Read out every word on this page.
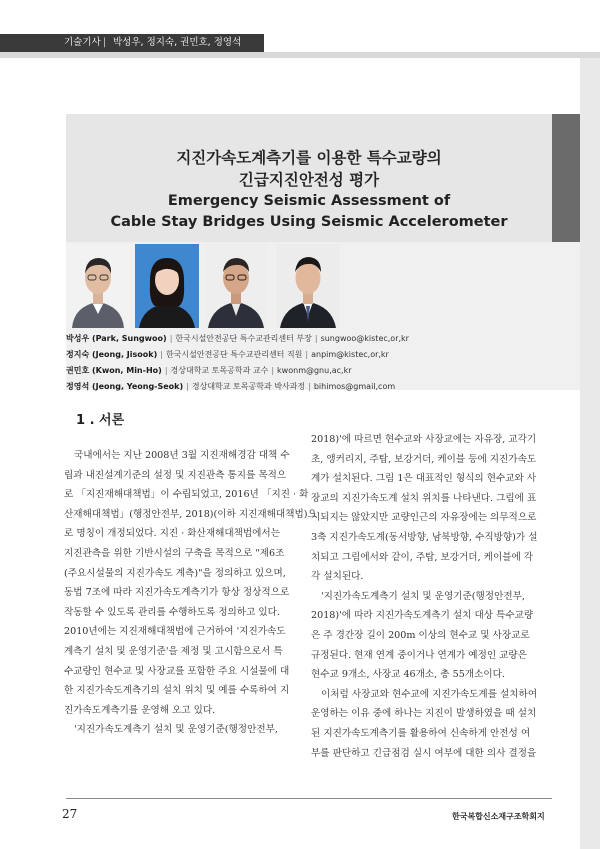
기술기사 | 박성우, 정지숙, 권민호, 정영석
지진가속도계측기를 이용한 특수교량의
긴급지진안전성 평가
Emergency Seismic Assessment of
Cable Stay Bridges Using Seismic Accelerometer
박성우 (Park, Sungwoo) | 한국시설안전공단 특수교관리센터 부장 | sungwoo@kistec,or,kr
정지숙 (Jeong, Jisook) | 한국시설안전공단 특수교관리센터 직원 | anpim@kistec,or,kr
권민호 (Kwon, Min-Ho) | 경상대학교 토목공학과 교수 | kwonm@gnu,ac,kr
정영석 (Jeong, Yeong-Seok) | 경상대학교 토목공학과 박사과정 | bihimos@gmail,com
1 . 서론
국내에서는 지난 2008년 3월 지진재해경감 대책 수
립과 내진설계기준의 설정 및 지진관측 통지를 목적으
로 「지진재해대책법」이 수립되었고, 2016년 「지진 · 화
산재해대책법」(행정안전부, 2018)(이하 지진재해대책법)으
로 명칭이 개정되었다. 지진 · 화산재해대책법에서는
지진관측을 위한 기반시설의 구축을 목적으로 "제6조
(주요시설물의 지진가속도 계측)"을 정의하고 있으며,
동법 7조에 따라 지진가속도계측기가 항상 정상적으로
작동할 수 있도록 관리를 수행하도록 정의하고 있다.
2010년에는 지진재해대책법에 근거하여 '지진가속도
계측기 설치 및 운영기준'을 제정 및 고시함으로서 특
수교량인 현수교 및 사장교를 포함한 주요 시설물에 대
한 지진가속도계측기의 설치 위치 및 예를 수록하여 지
진가속도계측기를 운영해 오고 있다.
'지진가속도계측기 설치 및 운영기준(행정안전부,
2018)'에 따르면 현수교와 사장교에는 자유장, 교각기
초, 앵커리지, 주탑, 보강거더, 케이블 등에 지진가속도
계가 설치된다. 그림 1은 대표적인 형식의 현수교와 사
장교의 지진가속도계 설치 위치를 나타낸다. 그림에 표
시되지는 않았지만 교량인근의 자유장에는 의무적으로
3축 지진가속도계(동서방향, 남북방향, 수직방향)가 설
치되고 그림에서와 같이, 주탑, 보강거더, 케이블에 각
각 설치된다.
'지진가속도계측기 설치 및 운영기준(행정안전부,
2018)'에 따라 지진가속도계측기 설치 대상 특수교량
은 주 경간장 길이 200m 이상의 현수교 및 사장교로
규정된다. 현재 연계 중이거나 연계가 예정인 교량은
현수교 9개소, 사장교 46개소, 총 55개소이다.
이처럼 사장교와 현수교에 지진가속도계를 설치하여
운영하는 이유 중에 하나는 지진이 발생하였을 때 설치
된 지진가속도계측기를 활용하여 신속하게 안전성 여
부를 판단하고 긴급점검 실시 여부에 대한 의사 결정을
27	한국복합신소재구조학회지
